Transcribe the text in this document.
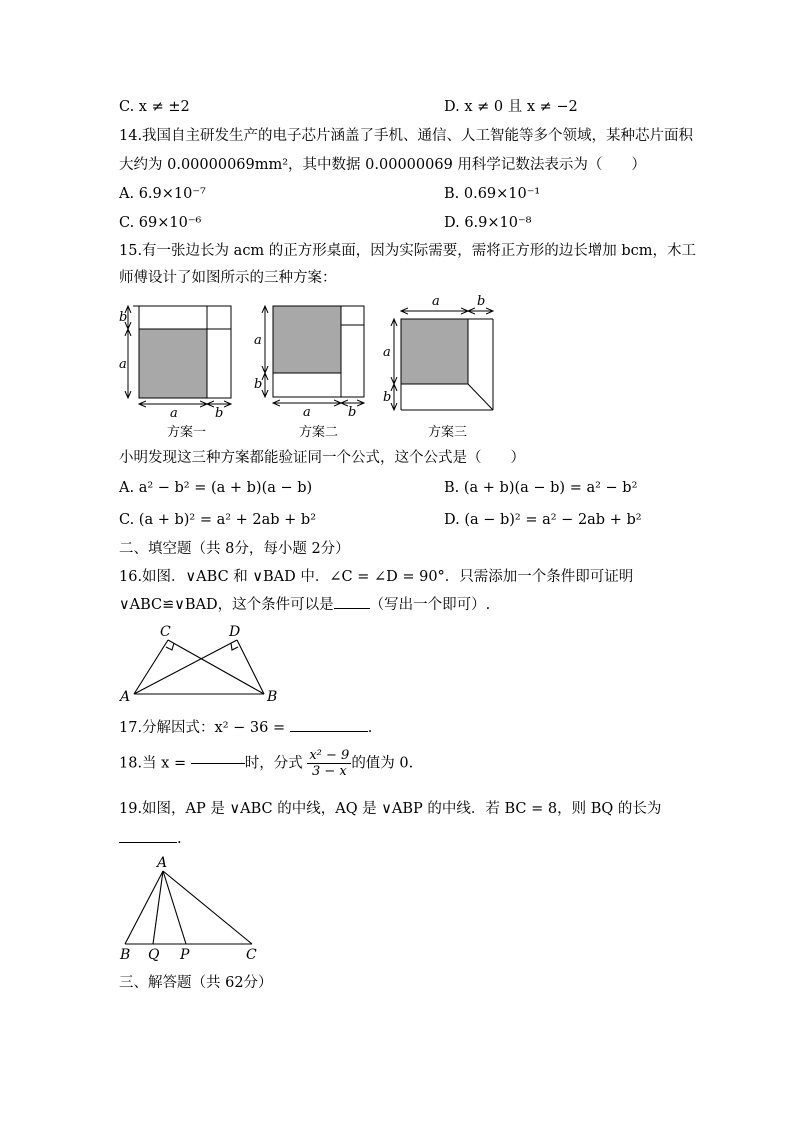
C. x ≠ ±2	D. x ≠ 0 且 x ≠ −2
14.我国自主研发生产的电子芯片涵盖了手机、通信、人工智能等多个领域，某种芯片面积
大约为 0.00000069mm²，其中数据 0.00000069 用科学记数法表示为（　　）
A. 6.9×10⁻⁷	B. 0.69×10⁻¹
C. 69×10⁻⁶	D. 6.9×10⁻⁸
15.有一张边长为 acm 的正方形桌面，因为实际需要，需将正方形的边长增加 bcm，木工
师傅设计了如图所示的三种方案：
b
a
a	b
方案一
a
b
a	b
方案二
a	b
a
b
方案三
小明发现这三种方案都能验证同一个公式，这个公式是（　　）
A. a² − b² = (a + b)(a − b)	B. (a + b)(a − b) = a² − b²
C. (a + b)² = a² + 2ab + b²	D. (a − b)² = a² − 2ab + b²
二、填空题（共 8分，每小题 2分）
16.如图．∨ABC 和 ∨BAD 中．∠C = ∠D = 90°．只需添加一个条件即可证明
∨ABC≌∨BAD，这个条件可以是 （写出一个即可）.
C	D
A	B
17.分解因式：x² − 36 =	.
18.当 x =	时，分式 $\frac{\text{x² − 9}}{3 - x}$ 的值为 0.
19.如图，AP 是 ∨ABC 的中线，AQ 是 ∨ABP 的中线．若 BC = 8，则 BQ 的长为
.
A
B Q P	C
三、解答题（共 62分）
